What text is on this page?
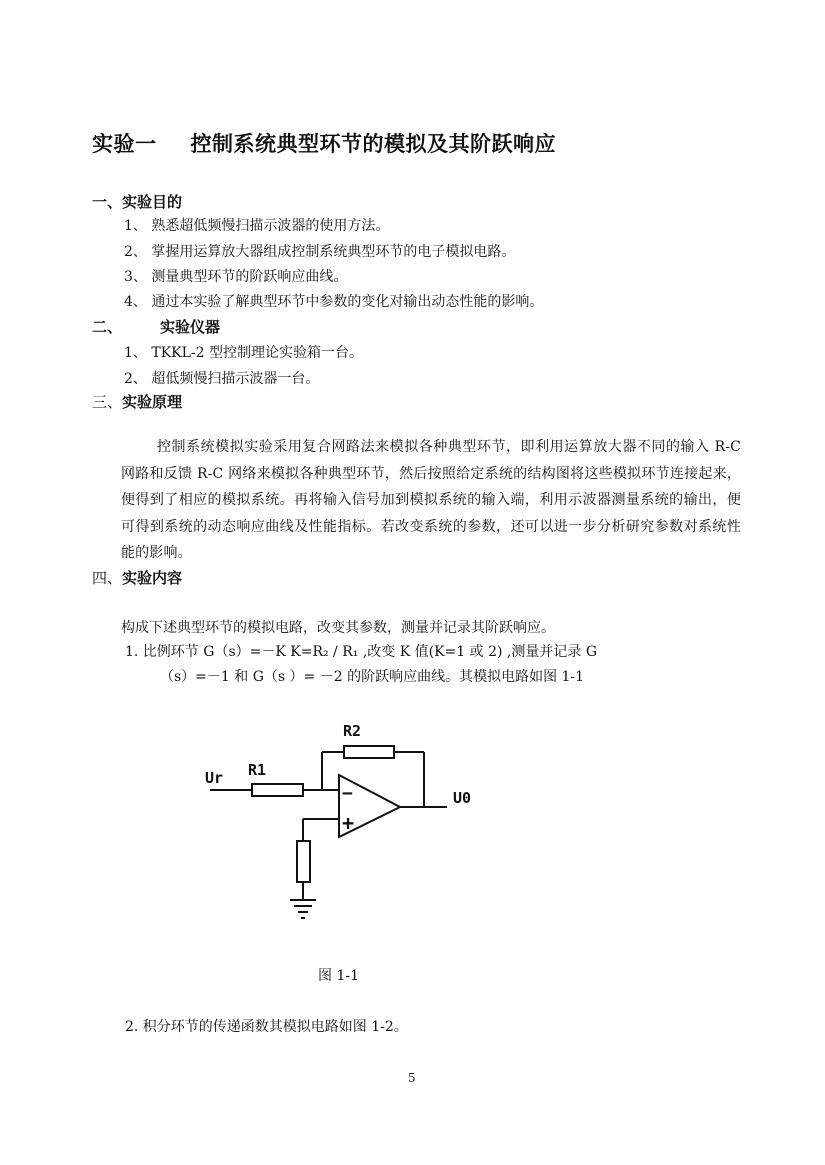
实验一 控制系统典型环节的模拟及其阶跃响应
一、实验目的
1、 熟悉超低频慢扫描示波器的使用方法。
2、 掌握用运算放大器组成控制系统典型环节的电子模拟电路。
3、 测量典型环节的阶跃响应曲线。
4、 通过本实验了解典型环节中参数的变化对输出动态性能的影响。
二、	实验仪器
1、 TKKL-2 型控制理论实验箱一台。
2、 超低频慢扫描示波器一台。
三、实验原理
控制系统模拟实验采用复合网路法来模拟各种典型环节，即利用运算放大器不同的输入 R-C 网路和反馈 R-C 网络来模拟各种典型环节，然后按照给定系统的结构图将这些模拟环节连接起来，便得到了相应的模拟系统。再将输入信号加到模拟系统的输入端，利用示波器测量系统的输出，便可得到系统的动态响应曲线及性能指标。若改变系统的参数，还可以进一步分析研究参数对系统性能的影响。
四、实验内容
构成下述典型环节的模拟电路，改变其参数，测量并记录其阶跃响应。
1. 比例环节 G（s）=－K K=R₂ / R₁ ,改变 K 值(K=1 或 2) ,测量并记录 G
（s）=－1 和 G（s ）= －2 的阶跃响应曲线。其模拟电路如图 1-1
R2
R1
Ur
U0
−
+
图 1-1
2. 积分环节的传递函数其模拟电路如图 1-2。
5
